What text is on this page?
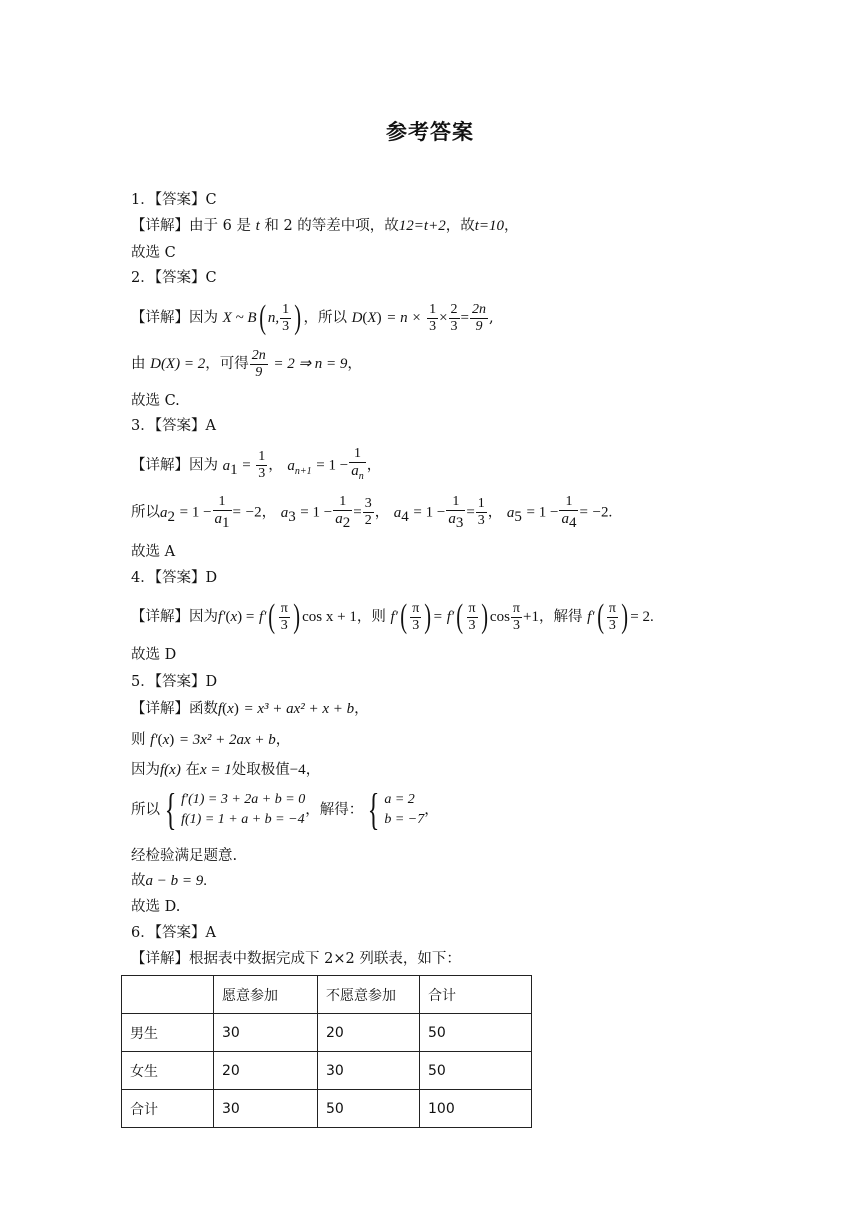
参考答案
1．【答案】C
【详解】由于 6 是 t 和 2 的等差中项，故12=t+2，故t=10，
故选 C
2．【答案】C
【详解】因为 X ~ B( n, $\frac{1}{3}$ ) ，所以 $D(X) = n \times \frac{1}{3} \times \frac{2}{3} = \frac{2n}{9}$ ,
由 D(X) = 2，可得 $\frac{2n}{9} = 2$ ⇒ n = 9，
故选 C.
3．【答案】A
【详解】因为 $a_1 = \frac{1}{3}$ ， $a_{n+1} = 1 - \frac{1}{a_n}$ ，
所以$a_2 = 1 - \frac{1}{a_1} = -2$， $a_3 = 1 - \frac{1}{a_2} = \frac{3}{2}$ ， $a_4 = 1 - \frac{1}{a_3} = \frac{1}{3}$ ， $a_5 = 1 - \frac{1}{a_4} = -2$.
故选 A
4．【答案】D
【详解】因为$f'(x) = f'( \frac{\pi}{3}$ ) cos x + 1，则 $f'( \frac{\pi}{3}$ ) = $f'( \frac{\pi}{3}$ ) $\cos \frac{\pi}{3} +1$，解得 $f'( \frac{\pi}{3}$ ) = 2.
故选 D
5．【答案】D
【详解】函数f(x) = x³ + ax² + x + b，
则 f′(x) = 3x² + 2ax + b，
因为f(x) 在x = 1处取极值−4，
所以 { f′(1) = 3 + 2a + b = 0
f(1) = 1 + a + b = −4
，解得： { a = 2
b = −7
，
经检验满足题意.
故a − b = 9.
故选 D.
6．【答案】A
【详解】根据表中数据完成下 2×2 列联表，如下：
	愿意参加	不愿意参加	合计
男生	30	20	50
女生	20	30	50
合计	30	50	100
